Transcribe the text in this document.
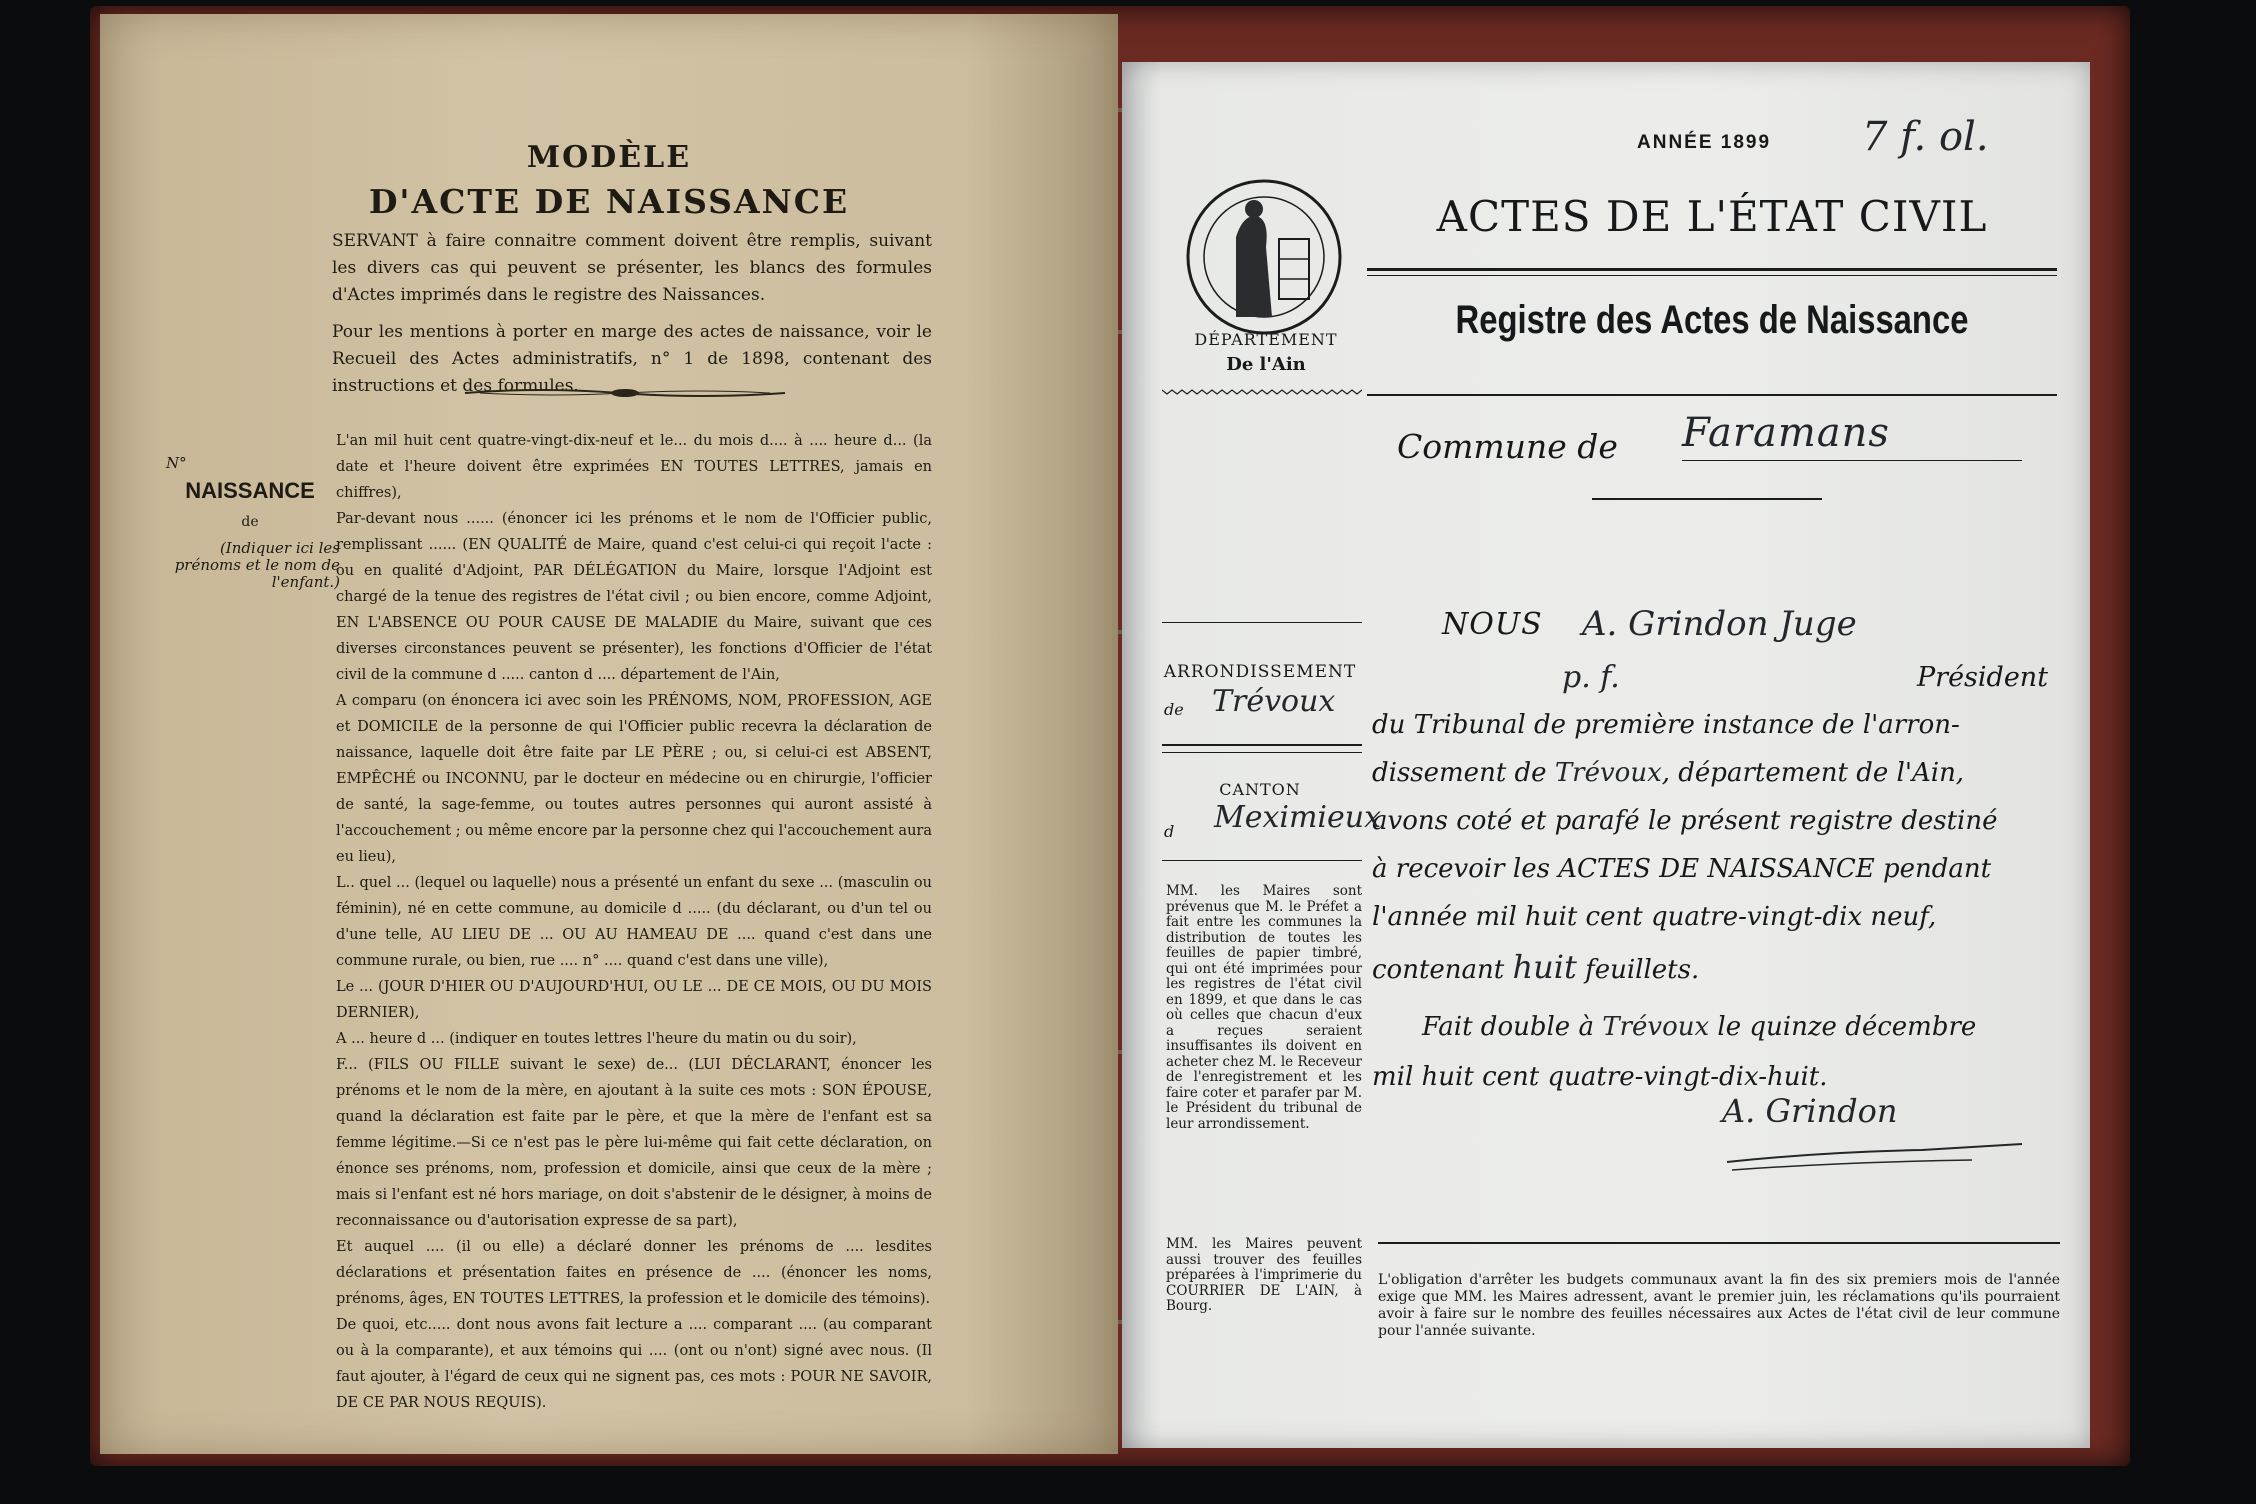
MODÈLE
D'ACTE DE NAISSANCE
SERVANT à faire connaitre comment doivent être remplis, suivant les divers cas qui peuvent se présenter, les blancs des formules d'Actes imprimés dans le registre des Naissances.
Pour les mentions à porter en marge des actes de naissance, voir le Recueil des Actes administratifs, n° 1 de 1898, contenant des instructions et des formules.
N°
NAISSANCE
de
(Indiquer ici les prénoms et le nom de l'enfant.)

L'an mil huit cent quatre-vingt-dix-neuf et le... du mois d.... à .... heure d... (la date et l'heure doivent être exprimées EN TOUTES LETTRES, jamais en chiffres),

Par-devant nous ...... (énoncer ici les prénoms et le nom de l'Officier public, remplissant ...... (EN QUALITÉ de Maire, quand c'est celui-ci qui reçoit l'acte : ou en qualité d'Adjoint, PAR DÉLÉGATION du Maire, lorsque l'Adjoint est chargé de la tenue des registres de l'état civil ; ou bien encore, comme Adjoint, EN L'ABSENCE OU POUR CAUSE DE MALADIE du Maire, suivant que ces diverses circonstances peuvent se présenter), les fonctions d'Officier de l'état civil de la commune d ..... canton d .... département de l'Ain,

A comparu (on énoncera ici avec soin les PRÉNOMS, NOM, PROFESSION, AGE et DOMICILE de la personne de qui l'Officier public recevra la déclaration de naissance, laquelle doit être faite par LE PÈRE ; ou, si celui-ci est ABSENT, EMPÊCHÉ ou INCONNU, par le docteur en médecine ou en chirurgie, l'officier de santé, la sage-femme, ou toutes autres personnes qui auront assisté à l'accouchement ; ou même encore par la personne chez qui l'accouchement aura eu lieu),

L.. quel ... (lequel ou laquelle) nous a présenté un enfant du sexe ... (masculin ou féminin), né en cette commune, au domicile d ..... (du déclarant, ou d'un tel ou d'une telle, AU LIEU DE ... OU AU HAMEAU DE .... quand c'est dans une commune rurale, ou bien, rue .... n° .... quand c'est dans une ville),

Le ... (JOUR D'HIER OU D'AUJOURD'HUI, OU LE ... DE CE MOIS, OU DU MOIS DERNIER),

A ... heure d ... (indiquer en toutes lettres l'heure du matin ou du soir),

F... (FILS OU FILLE suivant le sexe) de... (LUI DÉCLARANT, énoncer les prénoms et le nom de la mère, en ajoutant à la suite ces mots : SON ÉPOUSE, quand la déclaration est faite par le père, et que la mère de l'enfant est sa femme légitime.—Si ce n'est pas le père lui-même qui fait cette déclaration, on énonce ses prénoms, nom, profession et domicile, ainsi que ceux de la mère ; mais si l'enfant est né hors mariage, on doit s'abstenir de le désigner, à moins de reconnaissance ou d'autorisation expresse de sa part),

Et auquel .... (il ou elle) a déclaré donner les prénoms de .... lesdites déclarations et présentation faites en présence de .... (énoncer les noms, prénoms, âges, EN TOUTES LETTRES, la profession et le domicile des témoins).

De quoi, etc..... dont nous avons fait lecture a .... comparant .... (au comparant ou à la comparante), et aux témoins qui .... (ont ou n'ont) signé avec nous. (Il faut ajouter, à l'égard de ceux qui ne signent pas, ces mots : POUR NE SAVOIR, DE CE PAR NOUS REQUIS).

ANNÉE 1899 7 f. ol.
DÉPARTEMENT
De l'Ain
ACTES DE L'ÉTAT CIVIL
Registre des Actes de Naissance
Commune de Faramans
NOUS A. Grindon Juge
p. f.	Président
du Tribunal de première instance de l'arron-
dissement de Trévoux, département de l'Ain,
avons coté et parafé le présent registre destiné
à recevoir les ACTES DE NAISSANCE pendant
l'année mil huit cent quatre-vingt-dix neuf,
contenant huit feuillets.
Fait double à Trévoux le quinze décembre
mil huit cent quatre-vingt-dix-huit.
A. Grindon
ARRONDISSEMENT
de Trévoux
CANTON
d Meximieux
MM. les Maires sont prévenus que M. le Préfet a fait entre les communes la distribution de toutes les feuilles de papier timbré, qui ont été imprimées pour les registres de l'état civil en 1899, et que dans le cas où celles que chacun d'eux a reçues seraient insuffisantes ils doivent en acheter chez M. le Receveur de l'enregistrement et les faire coter et parafer par M. le Président du tribunal de leur arrondissement.
MM. les Maires peuvent aussi trouver des feuilles préparées à l'imprimerie du COURRIER DE L'AIN, à Bourg.
L'obligation d'arrêter les budgets communaux avant la fin des six premiers mois de l'année exige que MM. les Maires adressent, avant le premier juin, les réclamations qu'ils pourraient avoir à faire sur le nombre des feuilles nécessaires aux Actes de l'état civil de leur commune pour l'année suivante.
